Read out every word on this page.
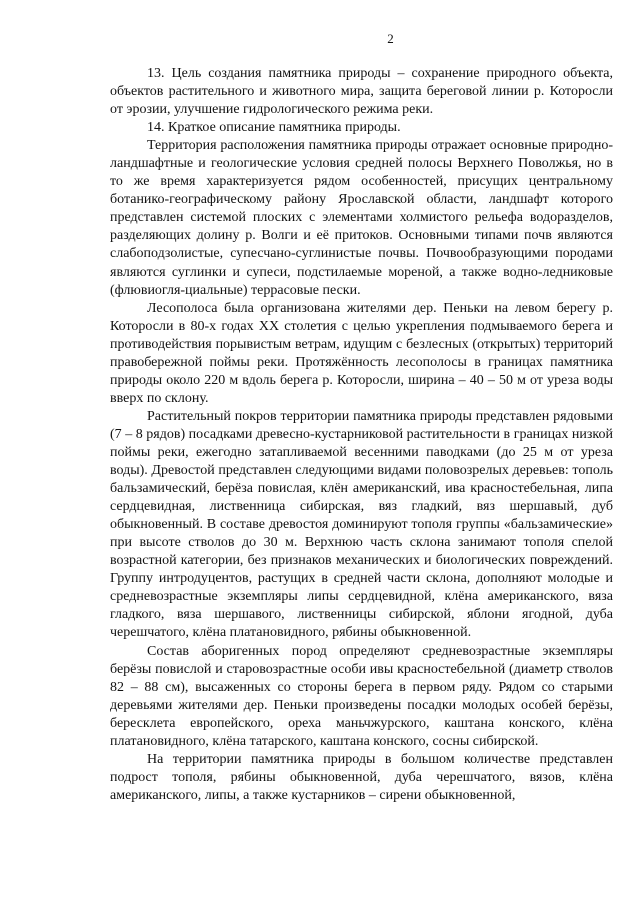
2

13. Цель создания памятника природы – сохранение природного объекта, объектов растительного и животного мира, защита береговой линии р. Которосли от эрозии, улучшение гидрологического режима реки.

14. Краткое описание памятника природы.

Территория расположения памятника природы отражает основные природно-ландшафтные и геологические условия средней полосы Верхнего Поволжья, но в то же время характеризуется рядом особенностей, присущих центральному ботанико-географическому району Ярославской области, ландшафт которого представлен системой плоских с элементами холмистого рельефа водоразделов, разделяющих долину р. Волги и её притоков. Основными типами почв являются слабоподзолистые, супесчано-суглинистые почвы. Почвообразующими породами являются суглинки и супеси, подстилаемые мореной, а также водно-ледниковые (флювиогля-циальные) террасовые пески.

Лесополоса была организована жителями дер. Пеньки на левом берегу р. Которосли в 80-х годах XX столетия с целью укрепления подмываемого берега и противодействия порывистым ветрам, идущим с безлесных (открытых) территорий правобережной поймы реки. Протяжённость лесополосы в границах памятника природы около 220 м вдоль берега р. Которосли, ширина – 40 – 50 м от уреза воды вверх по склону.

Растительный покров территории памятника природы представлен рядовыми (7 – 8 рядов) посадками древесно-кустарниковой растительности в границах низкой поймы реки, ежегодно затапливаемой весенними паводками (до 25 м от уреза воды). Древостой представлен следующими видами половозрелых деревьев: тополь бальзамический, берёза повислая, клён американский, ива красностебельная, липа сердцевидная, лиственница сибирская, вяз гладкий, вяз шершавый, дуб обыкновенный. В составе древостоя доминируют тополя группы «бальзамические» при высоте стволов до 30 м. Верхнюю часть склона занимают тополя спелой возрастной категории, без признаков механических и биологических повреждений. Группу интродуцентов, растущих в средней части склона, дополняют молодые и средневозрастные экземпляры липы сердцевидной, клёна американского, вяза гладкого, вяза шершавого, лиственницы сибирской, яблони ягодной, дуба черешчатого, клёна платановидного, рябины обыкновенной.

Состав аборигенных пород определяют средневозрастные экземпляры берёзы повислой и старовозрастные особи ивы красностебельной (диаметр стволов 82 – 88 см), высаженных со стороны берега в первом ряду. Рядом со старыми деревьями жителями дер. Пеньки произведены посадки молодых особей берёзы, бересклета европейского, ореха маньчжурского, каштана конского, клёна платановидного, клёна татарского, каштана конского, сосны сибирской.

На территории памятника природы в большом количестве представлен подрост тополя, рябины обыкновенной, дуба черешчатого, вязов, клёна американского, липы, а также кустарников – сирени обыкновенной,
